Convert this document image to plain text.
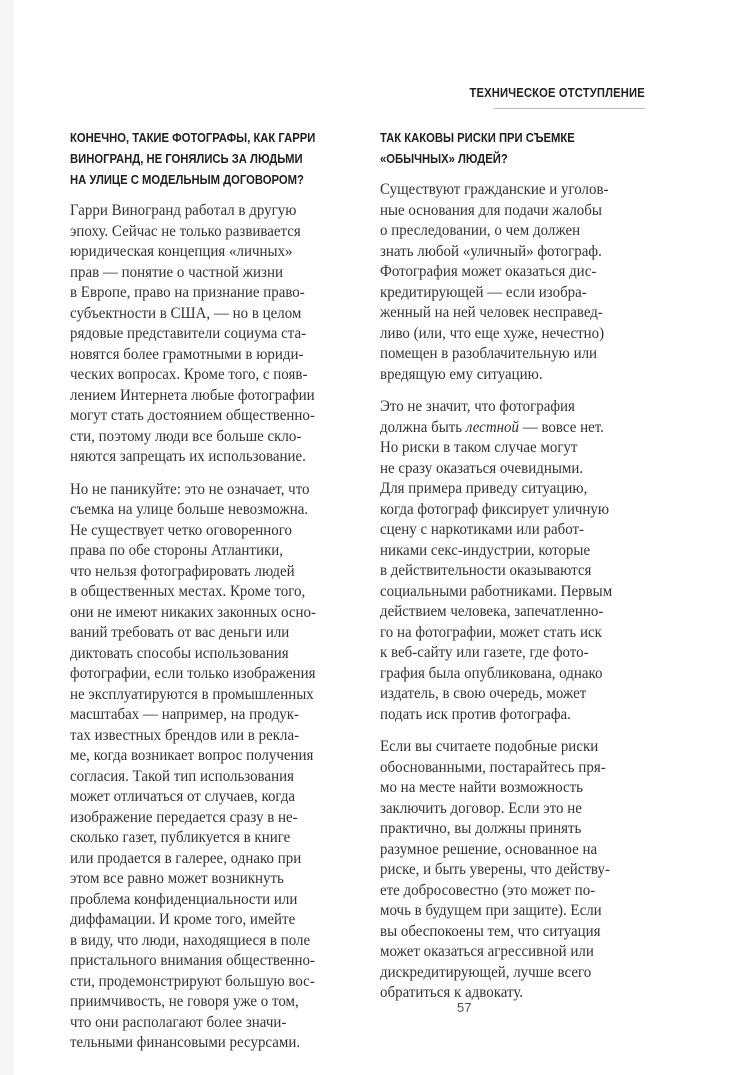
ТЕХНИЧЕСКОЕ ОТСТУПЛЕНИЕ
КОНЕЧНО, ТАКИЕ ФОТОГРАФЫ, КАК ГАРРИ
ВИНОГРАНД, НЕ ГОНЯЛИСЬ ЗА ЛЮДЬМИ
НА УЛИЦЕ С МОДЕЛЬНЫМ ДОГОВОРОМ?

Гарри Виногранд работал в другую
эпоху. Сейчас не только развивается
юридическая концепция «личных»
прав — понятие о частной жизни
в Европе, право на признание право-
субъектности в США, — но в целом
рядовые представители социума ста-
новятся более грамотными в юриди-
ческих вопросах. Кроме того, с появ-
лением Интернета любые фотографии
могут стать достоянием общественно-
сти, поэтому люди все больше скло-
няются запрещать их использование.

Но не паникуйте: это не означает, что
съемка на улице больше невозможна.
Не существует четко оговоренного
права по обе стороны Атлантики,
что нельзя фотографировать людей
в общественных местах. Кроме того,
они не имеют никаких законных осно-
ваний требовать от вас деньги или
диктовать способы использования
фотографии, если только изображения
не эксплуатируются в промышленных
масштабах — например, на продук-
тах известных брендов или в рекла-
ме, когда возникает вопрос получения
согласия. Такой тип использования
может отличаться от случаев, когда
изображение передается сразу в не-
сколько газет, публикуется в книге
или продается в галерее, однако при
этом все равно может возникнуть
проблема конфиденциальности или
диффамации. И кроме того, имейте
в виду, что люди, находящиеся в поле
пристального внимания общественно-
сти, продемонстрируют большую вос-
приимчивость, не говоря уже о том,
что они располагают более значи-
тельными финансовыми ресурсами.

ТАК КАКОВЫ РИСКИ ПРИ СЪЕМКЕ
«ОБЫЧНЫХ» ЛЮДЕЙ?

Существуют гражданские и уголов-
ные основания для подачи жалобы
о преследовании, о чем должен
знать любой «уличный» фотограф.
Фотография может оказаться дис-
кредитирующей — если изобра-
женный на ней человек несправед-
ливо (или, что еще хуже, нечестно)
помещен в разоблачительную или
вредящую ему ситуацию.

Это не значит, что фотография
должна быть лестной — вовсе нет.
Но риски в таком случае могут
не сразу оказаться очевидными.
Для примера приведу ситуацию,
когда фотограф фиксирует уличную
сцену с наркотиками или работ-
никами секс-индустрии, которые
в действительности оказываются
социальными работниками. Первым
действием человека, запечатленно-
го на фотографии, может стать иск
к веб-сайту или газете, где фото-
графия была опубликована, однако
издатель, в свою очередь, может
подать иск против фотографа.

Если вы считаете подобные риски
обоснованными, постарайтесь пря-
мо на месте найти возможность
заключить договор. Если это не
практично, вы должны принять
разумное решение, основанное на
риске, и быть уверены, что действу-
ете добросовестно (это может по-
мочь в будущем при защите). Если
вы обеспокоены тем, что ситуация
может оказаться агрессивной или
дискредитирующей, лучше всего
обратиться к адвокату.

57
